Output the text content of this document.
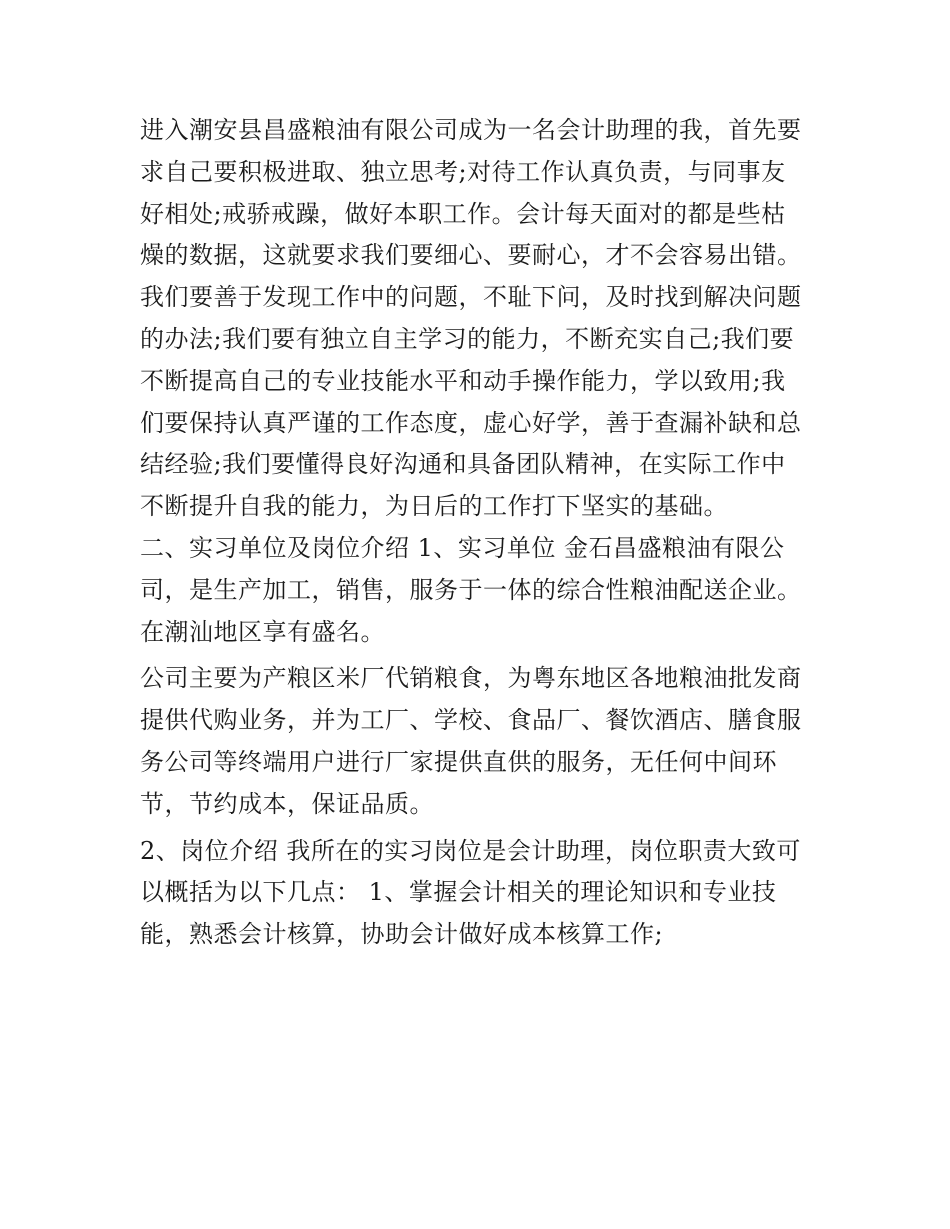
进入潮安县昌盛粮油有限公司成为一名会计助理的我，首先要
求自己要积极进取、独立思考;对待工作认真负责，与同事友
好相处;戒骄戒躁，做好本职工作。会计每天面对的都是些枯
燥的数据，这就要求我们要细心、要耐心，才不会容易出错。
我们要善于发现工作中的问题，不耻下问，及时找到解决问题
的办法;我们要有独立自主学习的能力，不断充实自己;我们要
不断提高自己的专业技能水平和动手操作能力，学以致用;我
们要保持认真严谨的工作态度，虚心好学，善于查漏补缺和总
结经验;我们要懂得良好沟通和具备团队精神，在实际工作中
不断提升自我的能力，为日后的工作打下坚实的基础。
二、实习单位及岗位介绍 1、实习单位 金石昌盛粮油有限公
司，是生产加工，销售，服务于一体的综合性粮油配送企业。
在潮汕地区享有盛名。
公司主要为产粮区米厂代销粮食，为粤东地区各地粮油批发商
提供代购业务，并为工厂、学校、食品厂、餐饮酒店、膳食服
务公司等终端用户进行厂家提供直供的服务，无任何中间环
节，节约成本，保证品质。
2、岗位介绍 我所在的实习岗位是会计助理，岗位职责大致可
以概括为以下几点： 1、掌握会计相关的理论知识和专业技
能，熟悉会计核算，协助会计做好成本核算工作;
